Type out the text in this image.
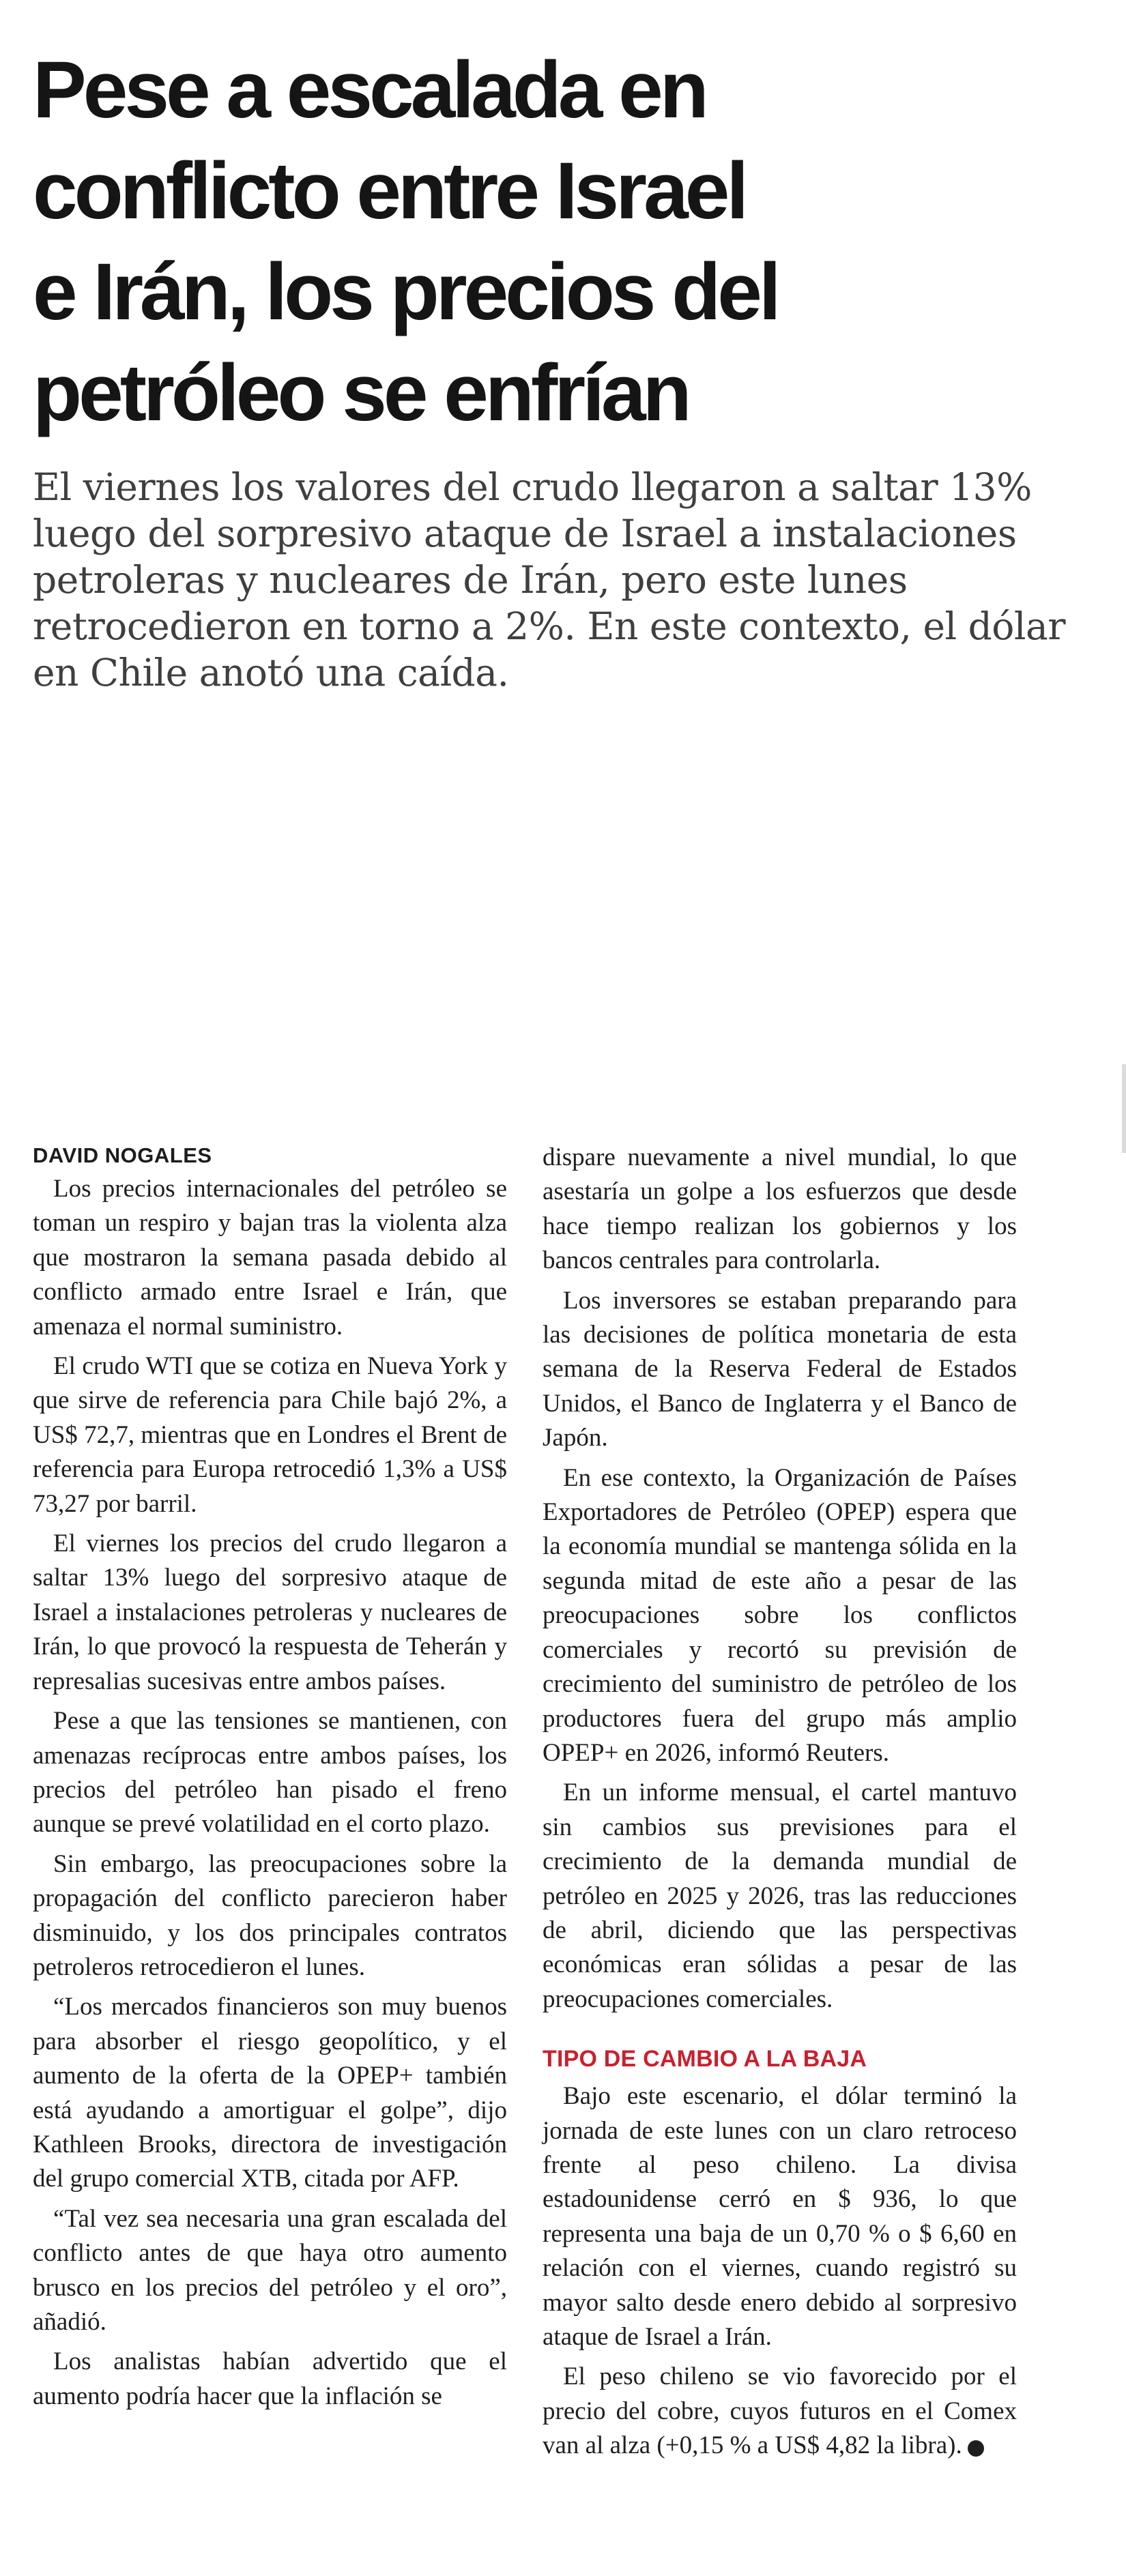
Pese a escalada en
conflicto entre Israel
e Irán, los precios del
petróleo se enfrían
El viernes los valores del crudo llegaron a saltar 13%
luego del sorpresivo ataque de Israel a instalaciones
petroleras y nucleares de Irán, pero este lunes
retrocedieron en torno a 2%. En este contexto, el dólar
en Chile anotó una caída.
DAVID NOGALES

Los precios internacionales del petróleo se toman un respiro y bajan tras la violenta alza que mostraron la semana pasada debido al conflicto armado entre Israel e Irán, que amenaza el normal suministro.

El crudo WTI que se cotiza en Nueva York y que sirve de referencia para Chile bajó 2%, a US$ 72,7, mientras que en Londres el Brent de referencia para Europa retrocedió 1,3% a US$ 73,27 por barril.

El viernes los precios del crudo llegaron a saltar 13% luego del sorpresivo ataque de Israel a instalaciones petroleras y nucleares de Irán, lo que provocó la respuesta de Teherán y represalias sucesivas entre ambos países.

Pese a que las tensiones se mantienen, con amenazas recíprocas entre ambos países, los precios del petróleo han pisado el freno aunque se prevé volatilidad en el corto plazo.

Sin embargo, las preocupaciones sobre la propagación del conflicto parecieron haber disminuido, y los dos principales contratos petroleros retrocedieron el lunes.

“Los mercados financieros son muy buenos para absorber el riesgo geopolítico, y el aumento de la oferta de la OPEP+ también está ayudando a amortiguar el golpe”, dijo Kathleen Brooks, directora de investigación del grupo comercial XTB, citada por AFP.

“Tal vez sea necesaria una gran escalada del conflicto antes de que haya otro aumento brusco en los precios del petróleo y el oro”, añadió.

Los analistas habían advertido que el aumento podría hacer que la inflación se

dispare nuevamente a nivel mundial, lo que asestaría un golpe a los esfuerzos que desde hace tiempo realizan los gobiernos y los bancos centrales para controlarla.

Los inversores se estaban preparando para las decisiones de política monetaria de esta semana de la Reserva Federal de Estados Unidos, el Banco de Inglaterra y el Banco de Japón.

En ese contexto, la Organización de Países Exportadores de Petróleo (OPEP) espera que la economía mundial se mantenga sólida en la segunda mitad de este año a pesar de las preocupaciones sobre los conflictos comerciales y recortó su previsión de crecimiento del suministro de petróleo de los productores fuera del grupo más amplio OPEP+ en 2026, informó Reuters.

En un informe mensual, el cartel mantuvo sin cambios sus previsiones para el crecimiento de la demanda mundial de petróleo en 2025 y 2026, tras las reducciones de abril, diciendo que las perspectivas económicas eran sólidas a pesar de las preocupaciones comerciales.

TIPO DE CAMBIO A LA BAJA

Bajo este escenario, el dólar terminó la jornada de este lunes con un claro retroceso frente al peso chileno. La divisa estadounidense cerró en $ 936, lo que representa una baja de un 0,70 % o $ 6,60 en relación con el viernes, cuando registró su mayor salto desde enero debido al sorpresivo ataque de Israel a Irán.

El peso chileno se vio favorecido por el precio del cobre, cuyos futuros en el Comex van al alza (+0,15 % a US$ 4,82 la libra). P
